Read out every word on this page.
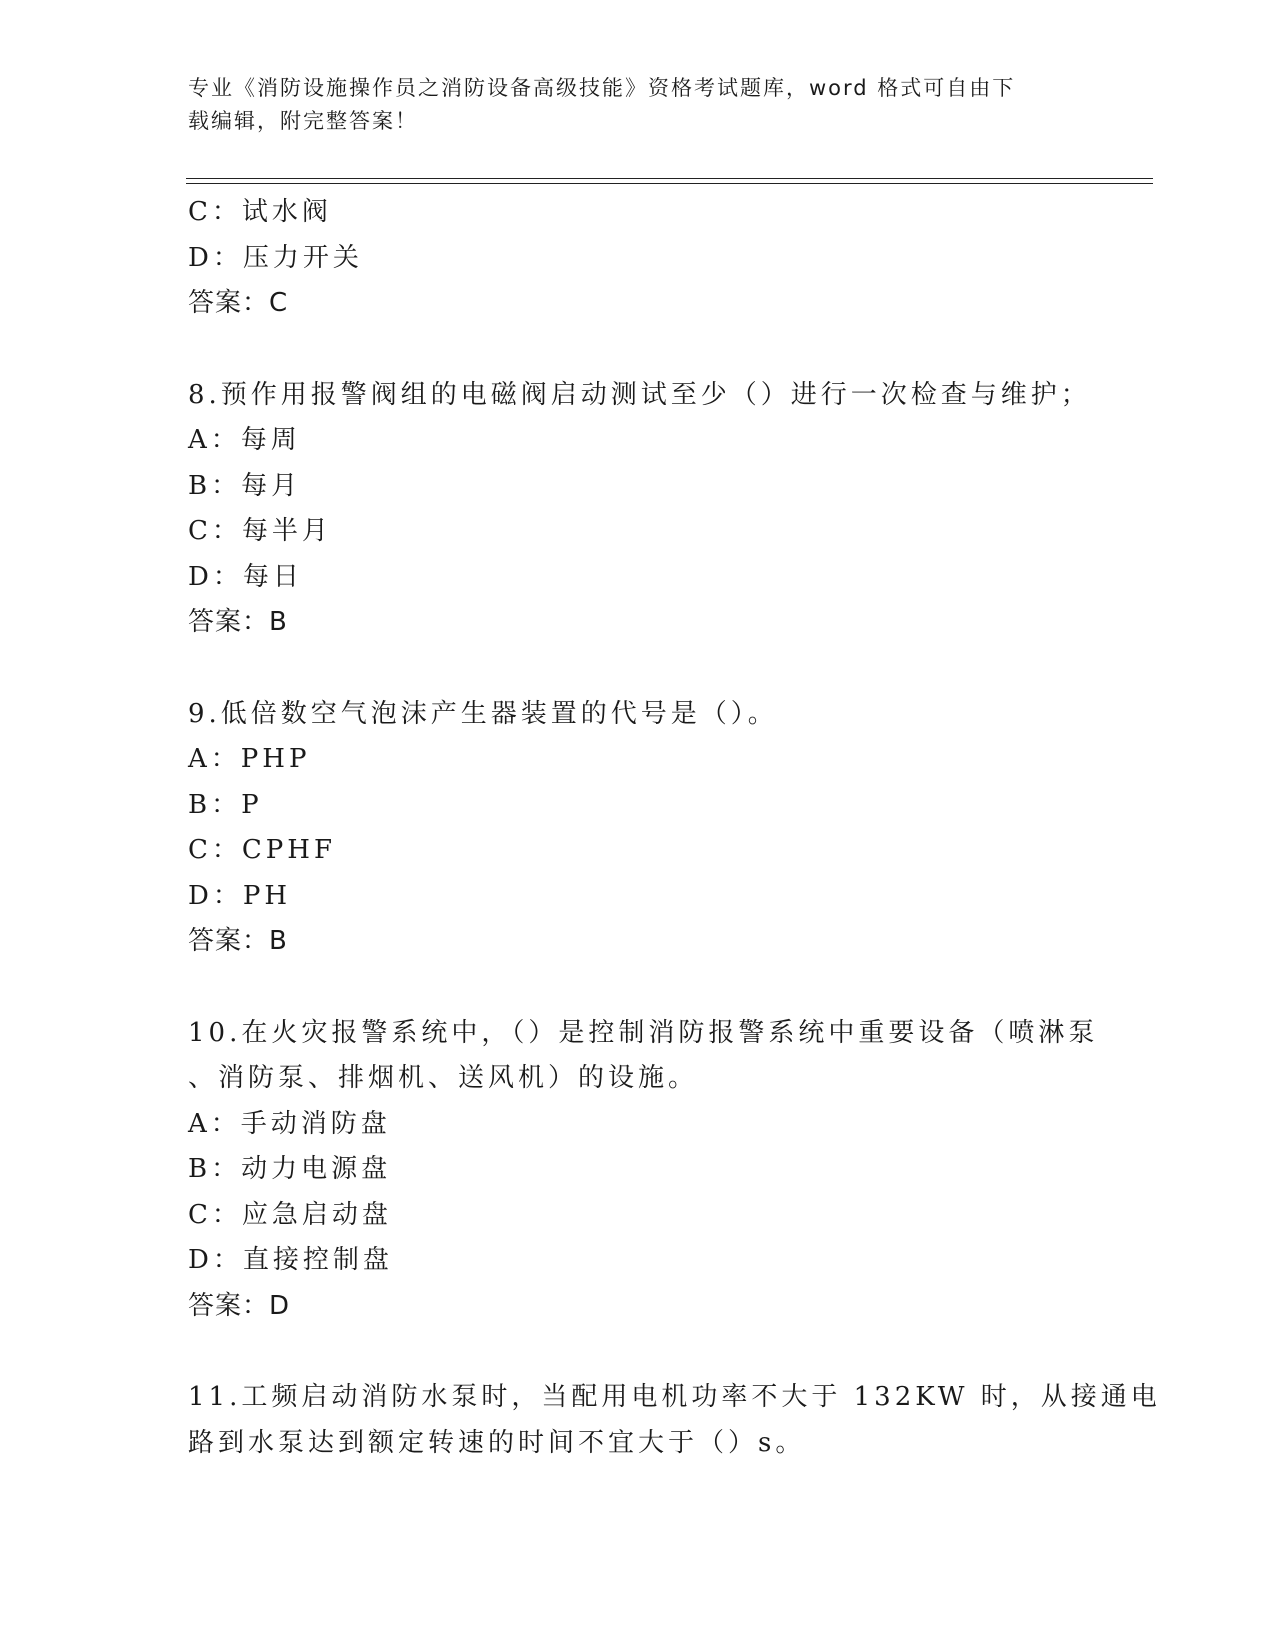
专业《消防设施操作员之消防设备高级技能》资格考试题库，word 格式可自由下
载编辑，附完整答案！
C：试水阀
D：压力开关
答案：C
8.预作用报警阀组的电磁阀启动测试至少（）进行一次检查与维护；
A：每周
B：每月
C：每半月
D：每日
答案：B
9.低倍数空气泡沫产生器装置的代号是（）。
A：PHP
B：P
C：CPHF
D：PH
答案：B
10.在火灾报警系统中，（）是控制消防报警系统中重要设备（喷淋泵
、消防泵、排烟机、送风机）的设施。
A：手动消防盘
B：动力电源盘
C：应急启动盘
D：直接控制盘
答案：D
11.工频启动消防水泵时，当配用电机功率不大于 132KW 时，从接通电
路到水泵达到额定转速的时间不宜大于（）s。
